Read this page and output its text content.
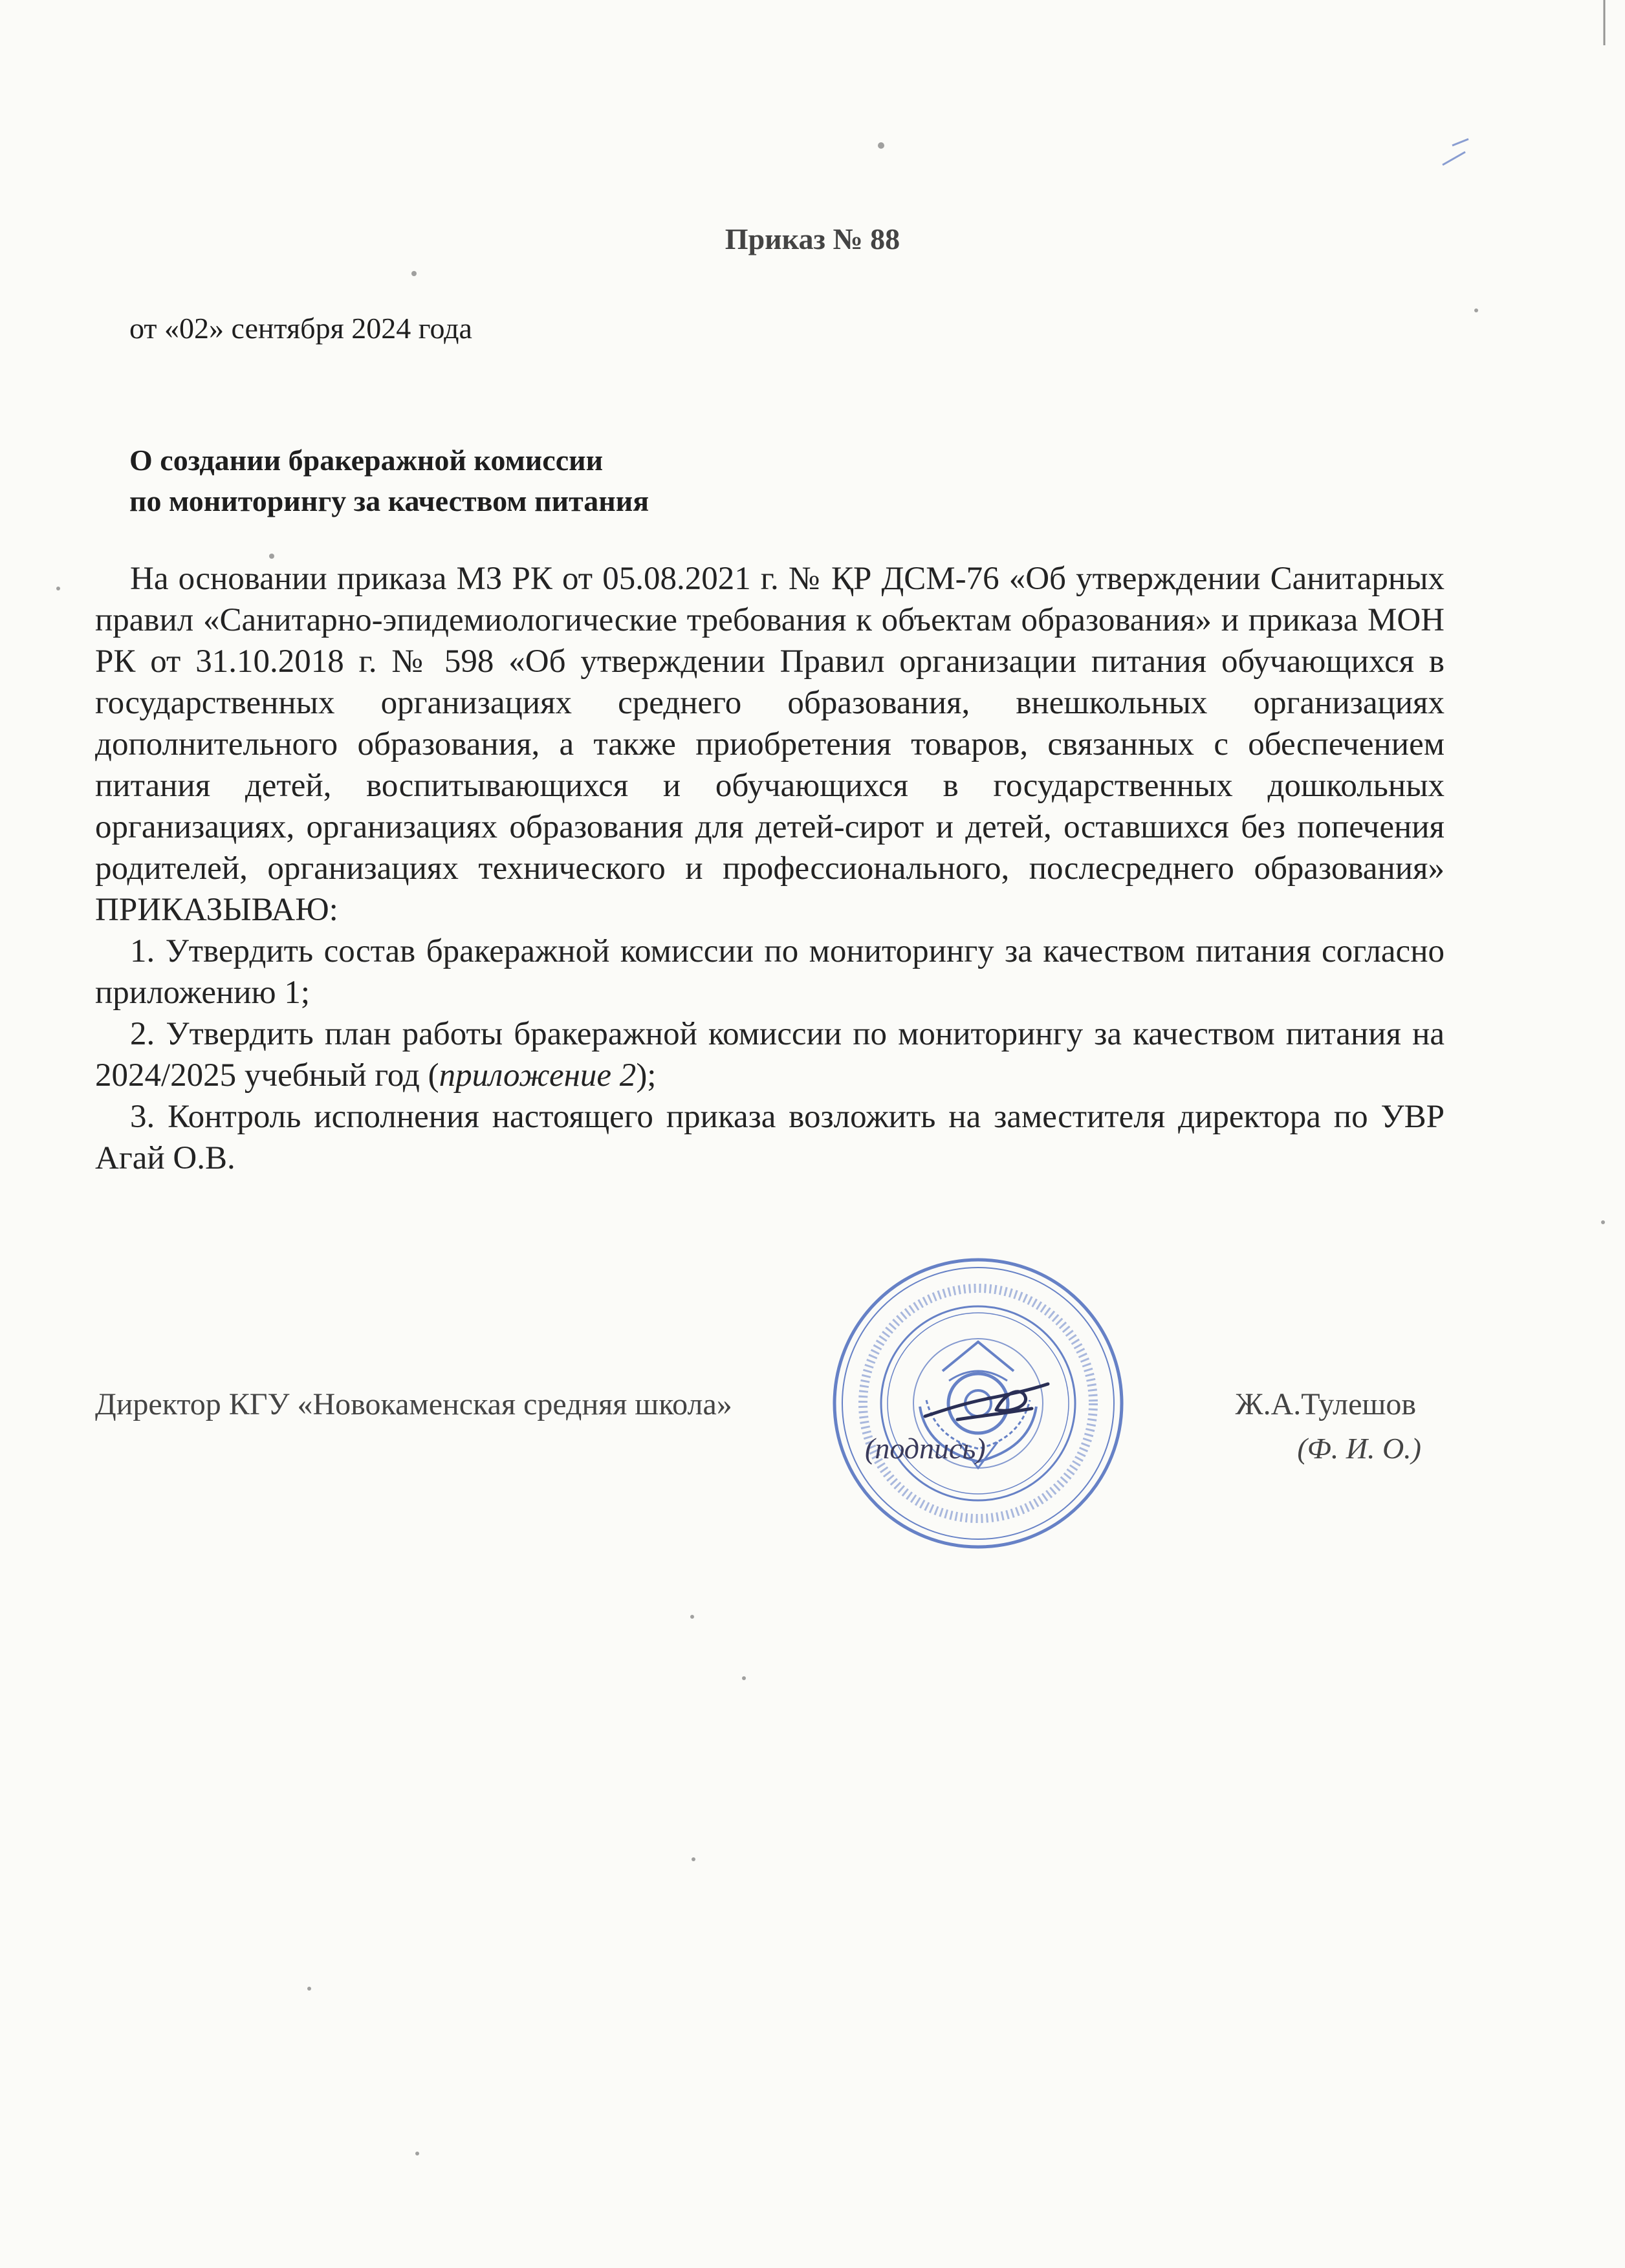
Приказ № 88
от «02» сентября 2024 года
О создании бракеражной комиссии
по мониторингу за качеством питания

На основании приказа МЗ РК от 05.08.2021 г. № ҚР ДСМ-76 «Об утверждении Санитарных правил «Санитарно-эпидемиологические требования к объектам образования» и приказа МОН РК от 31.10.2018 г. № 598 «Об утверждении Правил организации питания обучающихся в государственных организациях среднего образования, внешкольных организациях дополнительного образования, а также приобретения товаров, связанных с обеспечением питания детей, воспитывающихся и обучающихся в государственных дошкольных организациях, организациях образования для детей-сирот и детей, оставшихся без попечения родителей, организациях технического и профессионального, послесреднего образования» ПРИКАЗЫВАЮ:

1. Утвердить состав бракеражной комиссии по мониторингу за качеством питания согласно приложению 1;

2. Утвердить план работы бракеражной комиссии по мониторингу за качеством питания на 2024/2025 учебный год (приложение 2);

3. Контроль исполнения настоящего приказа возложить на заместителя директора по УВР Агай О.В.

Директор КГУ «Новокаменская средняя школа»	Ж.А.Тулешов
(подпись)	(Ф. И. О.)
